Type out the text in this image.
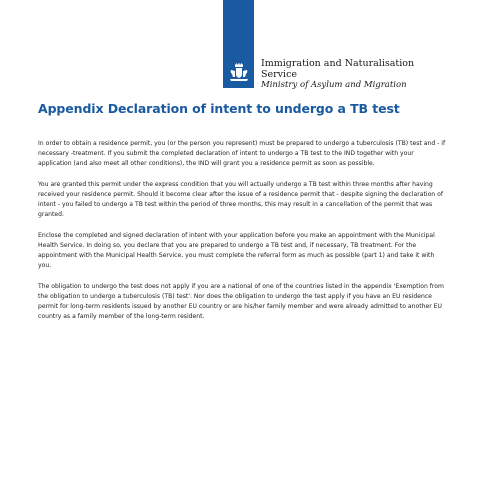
Immigration and Naturalisation
Service
Ministry of Asylum and Migration
Appendix Declaration of intent to undergo a TB test

In order to obtain a residence permit, you (or the person you represent) must be prepared to undergo a tuberculosis (TB) test and - if necessary -treatment. If you submit the completed declaration of intent to undergo a TB test to the IND together with your application (and also meet all other conditions), the IND will grant you a residence permit as soon as possible.

You are granted this permit under the express condition that you will actually undergo a TB test within three months after having received your residence permit. Should it become clear after the issue of a residence permit that - despite signing the declaration of intent - you failed to undergo a TB test within the period of three months, this may result in a cancellation of the permit that was granted.

Enclose the completed and signed declaration of intent with your application before you make an appointment with the Municipal Health Service. In doing so, you declare that you are prepared to undergo a TB test and, if necessary, TB treatment. For the appointment with the Municipal Health Service, you must complete the referral form as much as possible (part 1) and take it with you.

The obligation to undergo the test does not apply if you are a national of one of the countries listed in the appendix 'Exemption from the obligation to undergo a tuberculosis (TB) test'. Nor does the obligation to undergo the test apply if you have an EU residence permit for long-term residents issued by another EU country or are his/her family member and were already admitted to another EU country as a family member of the long-term resident.
